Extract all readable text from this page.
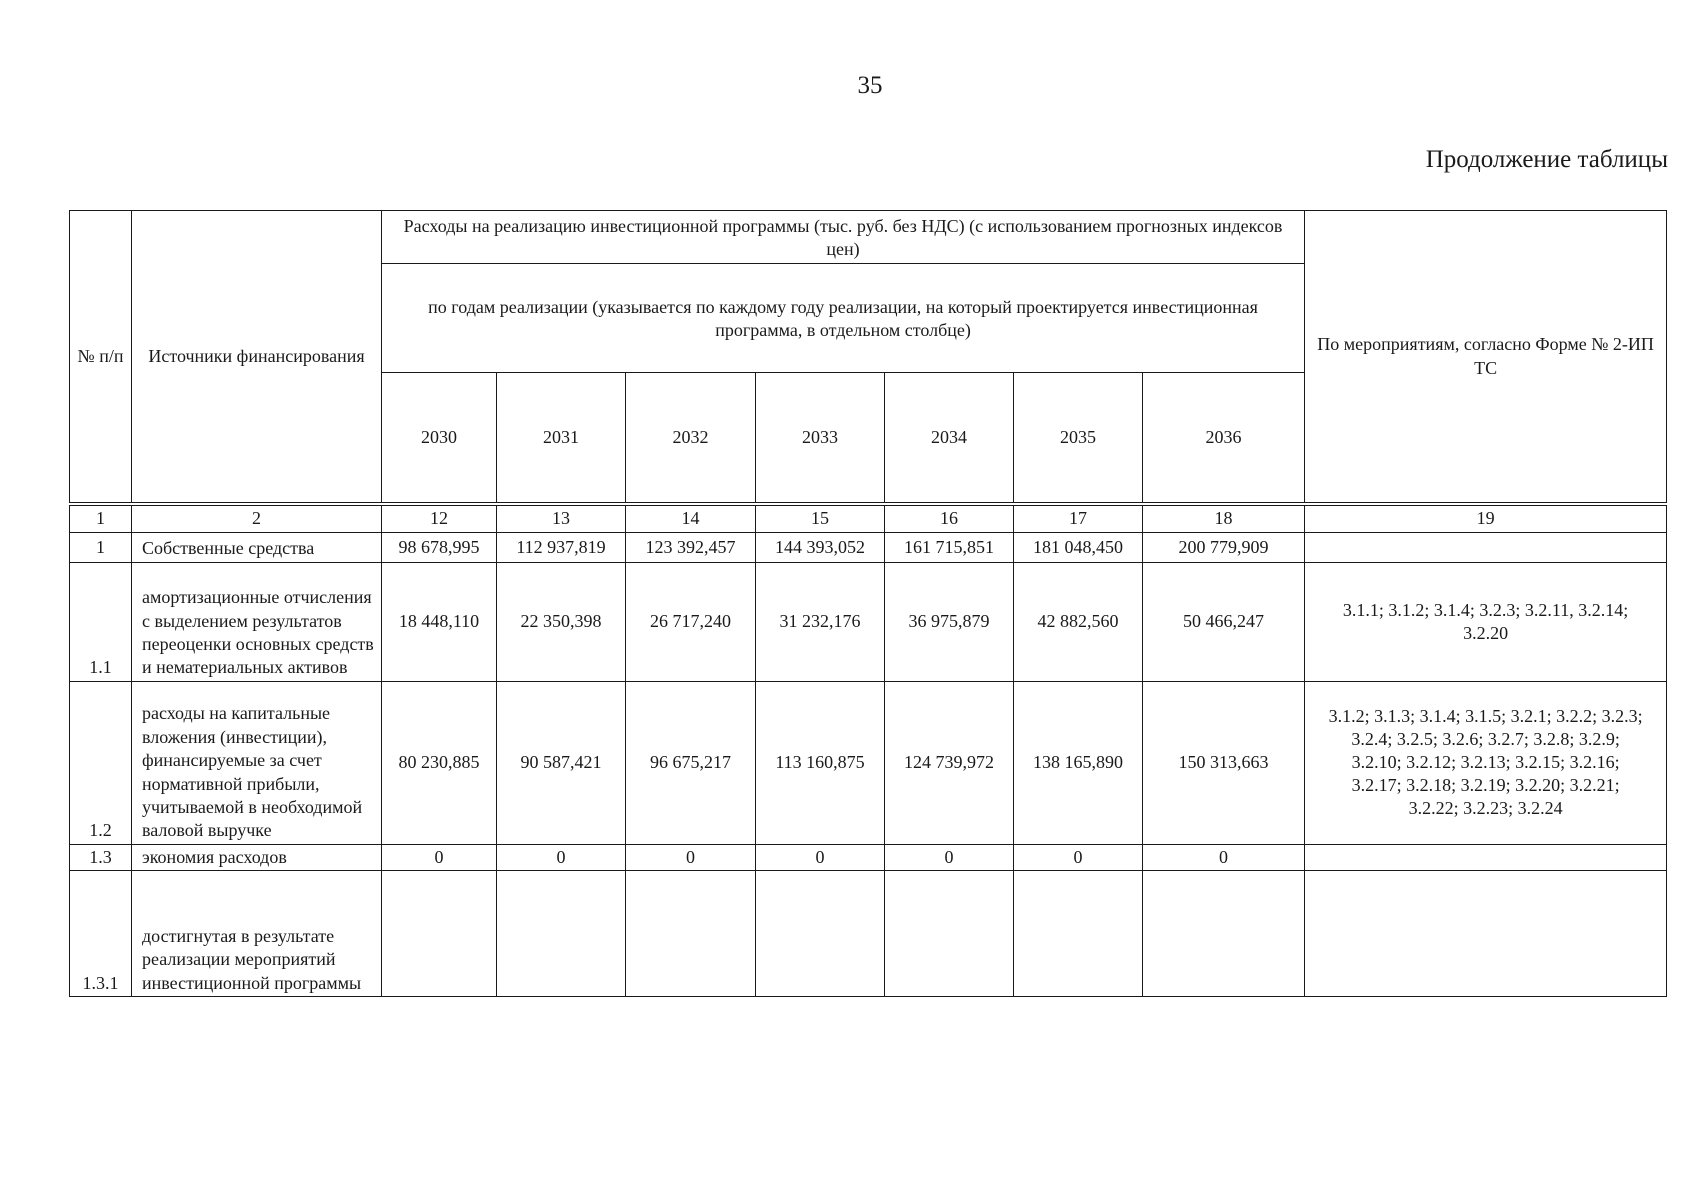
35
Продолжение таблицы
№ п/п	Источники финансирования	Расходы на реализацию инвестиционной программы (тыс. руб. без НДС) (с использованием прогнозных индексов цен)							По мероприятиям, согласно Форме № 2-ИП ТС
		по годам реализации (указывается по каждому году реализации, на который проектируется инвестиционная программа, в отдельном столбце)							
		2030	2031	2032	2033	2034	2035	2036	
1	2	12	13	14	15	16	17	18	19
1	Собственные средства	98 678,995	112 937,819	123 392,457	144 393,052	161 715,851	181 048,450	200 779,909	
1.1	амортизационные отчисления с выделением результатов переоценки основных средств и нематериальных активов	18 448,110	22 350,398	26 717,240	31 232,176	36 975,879	42 882,560	50 466,247	3.1.1; 3.1.2; 3.1.4; 3.2.3; 3.2.11, 3.2.14; 3.2.20
1.2	расходы на капитальные вложения (инвестиции), финансируемые за счет нормативной прибыли, учитываемой в необходимой валовой выручке	80 230,885	90 587,421	96 675,217	113 160,875	124 739,972	138 165,890	150 313,663	3.1.2; 3.1.3; 3.1.4; 3.1.5; 3.2.1; 3.2.2; 3.2.3; 3.2.4; 3.2.5; 3.2.6; 3.2.7; 3.2.8; 3.2.9; 3.2.10; 3.2.12; 3.2.13; 3.2.15; 3.2.16; 3.2.17; 3.2.18; 3.2.19; 3.2.20; 3.2.21; 3.2.22; 3.2.23; 3.2.24
1.3	экономия расходов	0	0	0	0	0	0	0	
1.3.1	достигнутая в результате реализации мероприятий инвестиционной программы								
